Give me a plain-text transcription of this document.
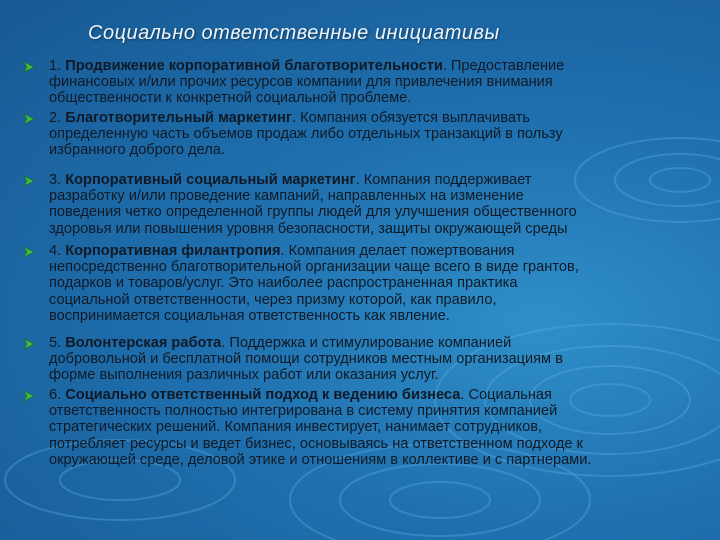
Социально ответственные инициативы
1. Продвижение корпоративной благотворительности. Предоставление
финансовых и/или прочих ресурсов компании для привлечения внимания
общественности к конкретной социальной проблеме.
2. Благотворительный маркетинг. Компания обязуется выплачивать
определенную часть объемов продаж либо отдельных транзакций в пользу
избранного доброго дела.
3. Корпоративный социальный маркетинг. Компания поддерживает
разработку и/или проведение кампаний, направленных на изменение
поведения четко определенной группы людей для улучшения общественного
здоровья или повышения уровня безопасности, защиты окружающей среды
4. Корпоративная филантропия. Компания делает пожертвования
непосредственно благотворительной организации чаще всего в виде грантов,
подарков и товаров/услуг. Это наиболее распространенная практика
социальной ответственности, через призму которой, как правило,
воспринимается социальная ответственность как явление.
5. Волонтерская работа. Поддержка и стимулирование компанией
добровольной и бесплатной помощи сотрудников местным организациям в
форме выполнения различных работ или оказания услуг.
6. Социально ответственный подход к ведению бизнеса. Социальная
ответственность полностью интегрирована в систему принятия компанией
стратегических решений. Компания инвестирует, нанимает сотрудников,
потребляет ресурсы и ведет бизнес, основываясь на ответственном подходе к
окружающей среде, деловой этике и отношениям в коллективе и с партнерами.
